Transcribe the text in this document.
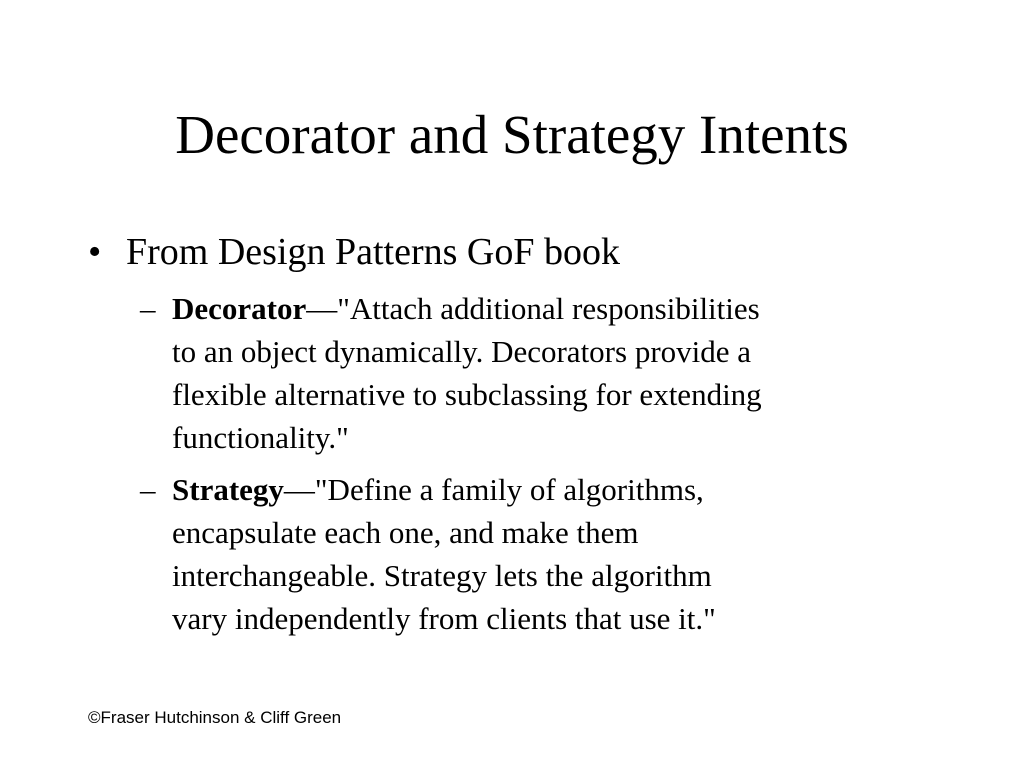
Decorator and Strategy Intents
• From Design Patterns GoF book
– Decorator—"Attach additional responsibilities
to an object dynamically. Decorators provide a
flexible alternative to subclassing for extending
functionality."
– Strategy—"Define a family of algorithms,
encapsulate each one, and make them
interchangeable. Strategy lets the algorithm
vary independently from clients that use it."
©Fraser Hutchinson & Cliff Green
